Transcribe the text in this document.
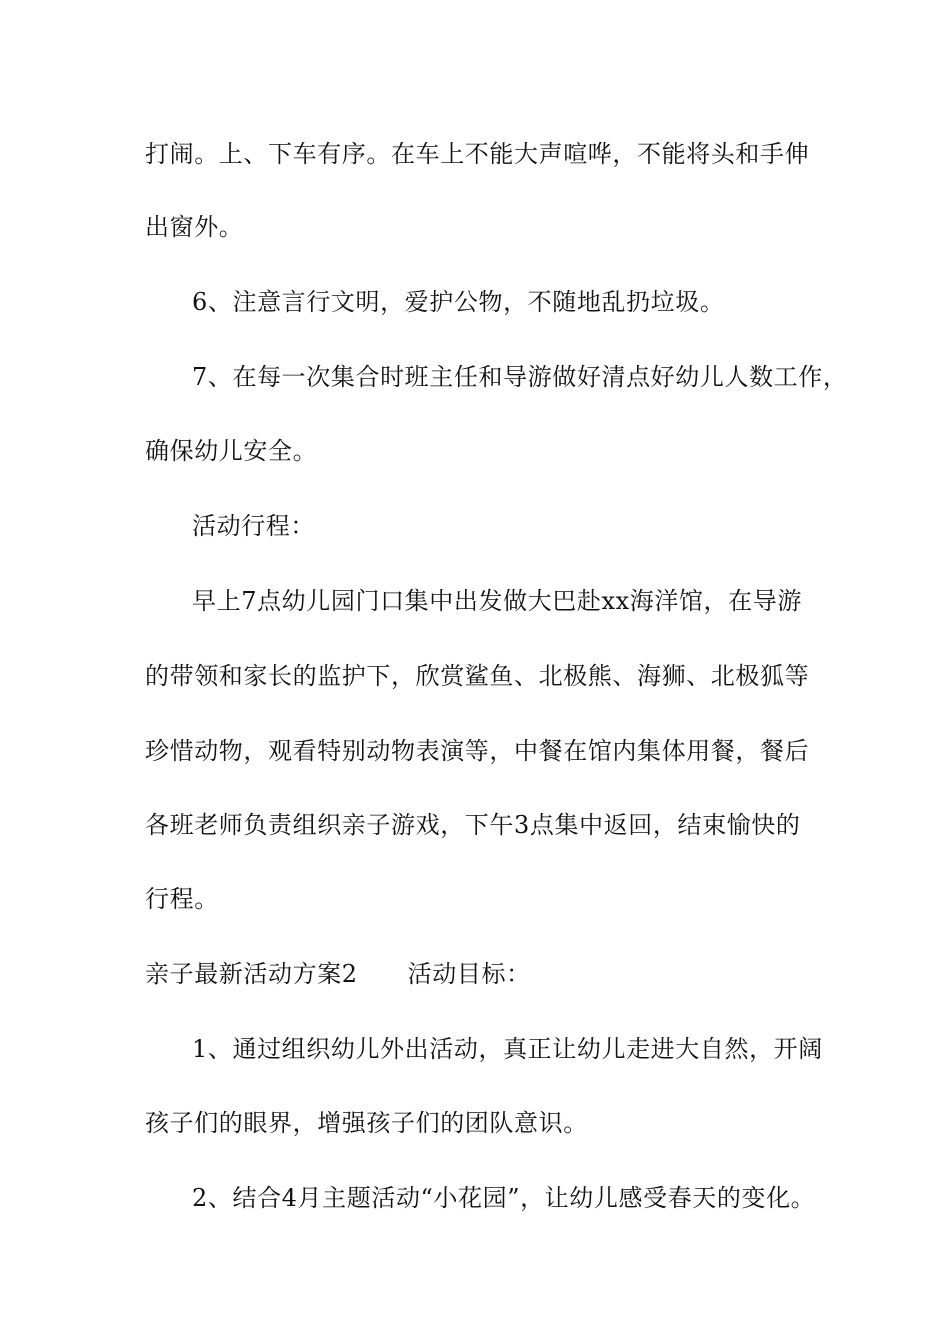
打闹。上、下车有序。在车上不能大声喧哗，不能将头和手伸
出窗外。
6、注意言行文明，爱护公物，不随地乱扔垃圾。
7、在每一次集合时班主任和导游做好清点好幼儿人数工作，
确保幼儿安全。
活动行程：
早上7点幼儿园门口集中出发做大巴赴xx海洋馆，在导游
的带领和家长的监护下，欣赏鲨鱼、北极熊、海狮、北极狐等
珍惜动物，观看特别动物表演等，中餐在馆内集体用餐，餐后
各班老师负责组织亲子游戏，下午3点集中返回，结束愉快的
行程。
亲子最新活动方案2 活动目标：
1、通过组织幼儿外出活动，真正让幼儿走进大自然，开阔
孩子们的眼界，增强孩子们的团队意识。
2、结合4月主题活动“小花园”，让幼儿感受春天的变化。
